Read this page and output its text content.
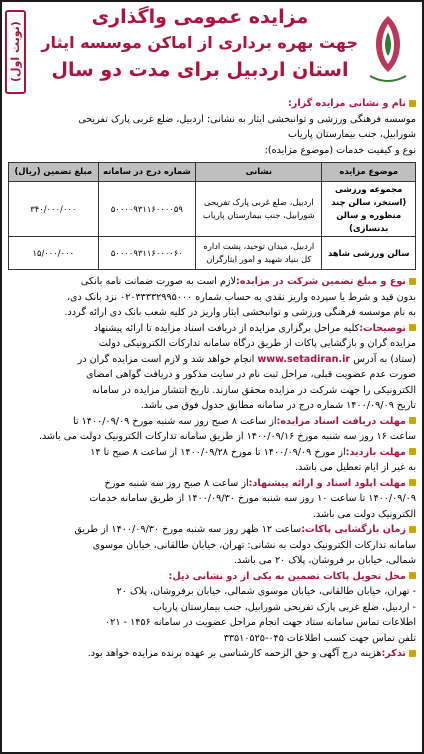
مزایده عمومی واگذاری
جهت بهره برداری از اماکن موسسه ایثار
استان اردبیل برای مدت دو سال
(نوبت اول)
نام و نشانی مزایده گزار:
موسسه فرهنگی ورزشی و توانبخشی ایثار به نشانی: اردبیل، ضلع غربی پارک تفریحی
شورابیل، جنب بیمارستان پاریاب
نوع و کیفیت خدمات (موضوع مزایده):
موضوع مزایده	نشانی	شماره درج در سامانه	مبلغ تضمین (ریال)
مجموعه ورزشی (استخر، سالن چند منظوره و سالن بدنسازی)	اردبیل، ضلع غربی پارک تفریحی شورابیل، جنب بیمارستان پاریاب	۵۰۰۰۰۹۳۱۱۶۰۰۰۰۵۹	۳۴۰/۰۰۰/۰۰۰
سالن ورزشی شاهد	اردبیل، میدان توحید، پشت اداره کل بنیاد شهید و امور ایثارگران	۵۰۰۰۰۹۳۱۱۶۰۰۰۰۶۰	۱۵/۰۰۰/۰۰۰
نوع و مبلغ تضمین شرکت در مزایده:لازم است به صورت ضمانت نامه بانکی
بدون قید و شرط یا سپرده واریز نقدی به حساب شماره ۰۲۰۳۳۳۳۲۹۹۵۰۰۰ نزد بانک دی،
به نام موسسه فرهنگی ورزشی و توانبخشی ایثار واریز در کلیه شعب بانک دی ارائه گردد.
توضیحات:کلیه مراحل برگزاری مزایده از دریافت اسناد مزایده تا ارائه پیشنهاد
مزایده گران و بازگشایی پاکات از طریق درگاه سامانه تدارکات الکترونیکی دولت
(ستاد) به آدرس www.setadiran.ir انجام خواهد شد و لازم است مزایده گران در
صورت عدم عضویت قبلی، مراحل ثبت نام در سایت مذکور و دریافت گواهی امضای
الکترونیکی را جهت شرکت در مزایده محقق سازند. تاریخ انتشار مزایده در سامانه
تاریخ ۱۴۰۰/۰۹/۰۹ شماره درج در سامانه مطابق جدول فوق می باشد.
مهلت دریافت اسناد مزایده:از ساعت ۸ صبح روز سه شنبه مورخ ۱۴۰۰/۰۹/۰۹ تا
ساعت ۱۶ روز سه شنبه مورخ ۱۴۰۰/۰۹/۱۶ از طریق سامانه تدارکات الکترونیک دولت می باشد.
مهلت بازدید:از مورخ ۱۴۰۰/۰۹/۰۹ تا مورخ ۱۴۰۰/۰۹/۲۸ از ساعت ۸ صبح تا ۱۴
به غیر از ایام تعطیل می باشد.
مهلت اپلود اسناد و ارائه پیشنهاد:از ساعت ۸ صبح روز سه شنبه مورخ
۱۴۰۰/۰۹/۰۹ تا ساعت ۱۰ روز سه شنبه مورخ ۱۴۰۰/۰۹/۳۰ از طریق سامانه خدمات
الکترونیک دولت می باشد.
زمان بازگشایی پاکات:ساعت ۱۲ ظهر روز سه شنبه مورخ ۱۴۰۰/۰۹/۳۰ از طریق
سامانه تدارکات الکترونیک دولت به نشانی: تهران، خیابان طالقانی، خیابان موسوی
شمالی، خیابان بر فروشان، پلاک ۲۰ می باشد.
محل تحویل پاکات تضمین به یکی از دو نشانی ذیل:
- تهران، خیابان طالقانی، خیابان موسوی شمالی، خیابان برفروشان، پلاک ۲۰
- اردبیل، ضلع غربی پارک تفریحی شورابیل، جنب بیمارستان پاریاب
اطلاعات تماس سامانه ستاد جهت انجام مراحل عضویت در سامانه ۱۴۵۶ - ۰۲۱
تلفن تماس جهت کسب اطلاعات ۰۴۵-۳۳۵۱۰۵۲۵
تذکر:هزینه درج آگهی و حق الزحمه کارشناسی بر عهده برنده مزایده خواهد بود.
